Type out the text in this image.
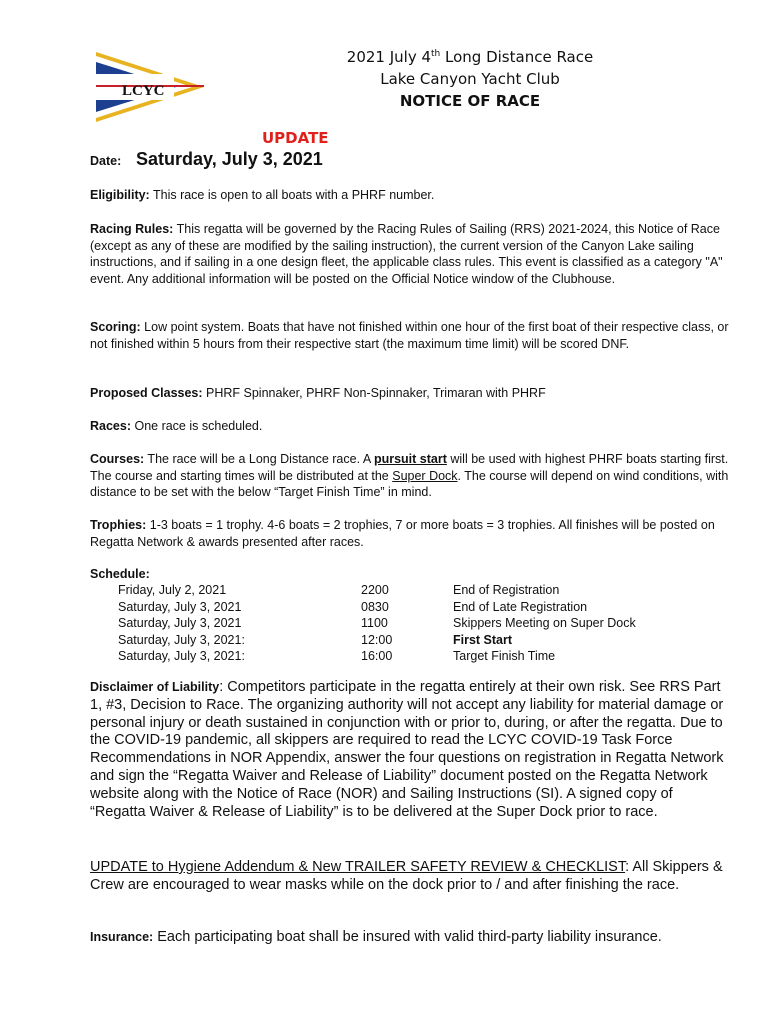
LCYC
2021 July 4th Long Distance Race
Lake Canyon Yacht Club
NOTICE OF RACE
UPDATE
Date: Saturday, July 3, 2021

Eligibility: This race is open to all boats with a PHRF number.

Racing Rules: This regatta will be governed by the Racing Rules of Sailing (RRS) 2021-2024, this Notice of Race (except as any of these are modified by the sailing instruction), the current version of the Canyon Lake sailing instructions, and if sailing in a one design fleet, the applicable class rules. This event is classified as a category "A" event. Any additional information will be posted on the Official Notice window of the Clubhouse.

Scoring: Low point system. Boats that have not finished within one hour of the first boat of their respective class, or not finished within 5 hours from their respective start (the maximum time limit) will be scored DNF.

Proposed Classes: PHRF Spinnaker, PHRF Non-Spinnaker, Trimaran with PHRF

Races: One race is scheduled.

Courses: The race will be a Long Distance race. A pursuit start will be used with highest PHRF boats starting first. The course and starting times will be distributed at the Super Dock. The course will depend on wind conditions, with distance to be set with the below “Target Finish Time” in mind.

Trophies: 1-3 boats = 1 trophy. 4-6 boats = 2 trophies, 7 or more boats = 3 trophies. All finishes will be posted on Regatta Network & awards presented after races.

Schedule:
Friday, July 2, 2021	2200	End of Registration
Saturday, July 3, 2021	0830	End of Late Registration
Saturday, July 3, 2021	1100	Skippers Meeting on Super Dock
Saturday, July 3, 2021:	12:00	First Start
Saturday, July 3, 2021:	16:00	Target Finish Time

Disclaimer of Liability: Competitors participate in the regatta entirely at their own risk. See RRS Part 1, #3, Decision to Race. The organizing authority will not accept any liability for material damage or personal injury or death sustained in conjunction with or prior to, during, or after the regatta. Due to the COVID-19 pandemic, all skippers are required to read the LCYC COVID-19 Task Force Recommendations in NOR Appendix, answer the four questions on registration in Regatta Network and sign the “Regatta Waiver and Release of Liability” document posted on the Regatta Network website along with the Notice of Race (NOR) and Sailing Instructions (SI). A signed copy of “Regatta Waiver & Release of Liability” is to be delivered at the Super Dock prior to race.

UPDATE to Hygiene Addendum & New TRAILER SAFETY REVIEW & CHECKLIST: All Skippers & Crew are encouraged to wear masks while on the dock prior to / and after finishing the race.

Insurance: Each participating boat shall be insured with valid third-party liability insurance.
